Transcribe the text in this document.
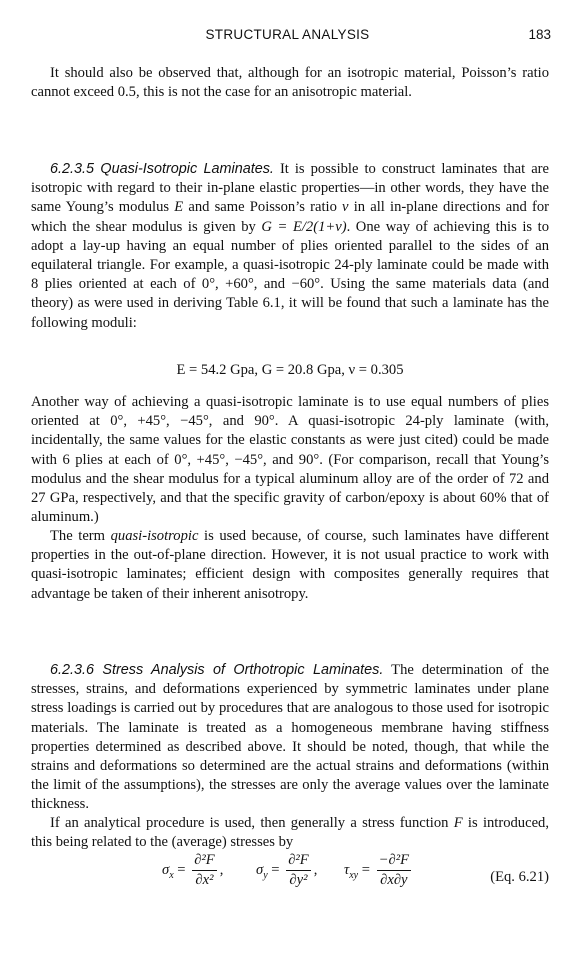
STRUCTURAL ANALYSIS	183

It should also be observed that, although for an isotropic material, Poisson’s ratio cannot exceed 0.5, this is not the case for an anisotropic material.

6.2.3.5 Quasi-Isotropic Laminates. It is possible to construct laminates that are isotropic with regard to their in-plane elastic properties—in other words, they have the same Young’s modulus E and same Poisson’s ratio ν in all in-plane directions and for which the shear modulus is given by G = E/2(1+ν). One way of achieving this is to adopt a lay-up having an equal number of plies oriented parallel to the sides of an equilateral triangle. For example, a quasi-isotropic 24-ply laminate could be made with 8 plies oriented at each of 0°, +60°, and −60°. Using the same materials data (and theory) as were used in deriving Table 6.1, it will be found that such a laminate has the following moduli:

E = 54.2 Gpa, G = 20.8 Gpa, ν = 0.305

Another way of achieving a quasi-isotropic laminate is to use equal numbers of plies oriented at 0°, +45°, −45°, and 90°. A quasi-isotropic 24-ply laminate (with, incidentally, the same values for the elastic constants as were just cited) could be made with 6 plies at each of 0°, +45°, −45°, and 90°. (For comparison, recall that Young’s modulus and the shear modulus for a typical aluminum alloy are of the order of 72 and 27 GPa, respectively, and that the specific gravity of carbon/epoxy is about 60% that of aluminum.)

The term quasi-isotropic is used because, of course, such laminates have different properties in the out-of-plane direction. However, it is not usual practice to work with quasi-isotropic laminates; efficient design with composites generally requires that advantage be taken of their inherent anisotropy.

6.2.3.6 Stress Analysis of Orthotropic Laminates. The determination of the stresses, strains, and deformations experienced by symmetric laminates under plane stress loadings is carried out by procedures that are analogous to those used for isotropic materials. The laminate is treated as a homogeneous membrane having stiffness properties determined as described above. It should be noted, though, that while the strains and deformations so determined are the actual strains and deformations (within the limit of the assumptions), the stresses are only the average values over the laminate thickness.

If an analytical procedure is used, then generally a stress function F is introduced, this being related to the (average) stresses by

$\sigma_x = \frac{\text{∂²F}}{\text{∂x²}}$ , $\sigma_y = \frac{\text{∂²F}}{\text{∂y²}}$ , $\tau_{xy} = \frac{\text{−∂²F}}{\partial x\partial y}$	(Eq. 6.21)
